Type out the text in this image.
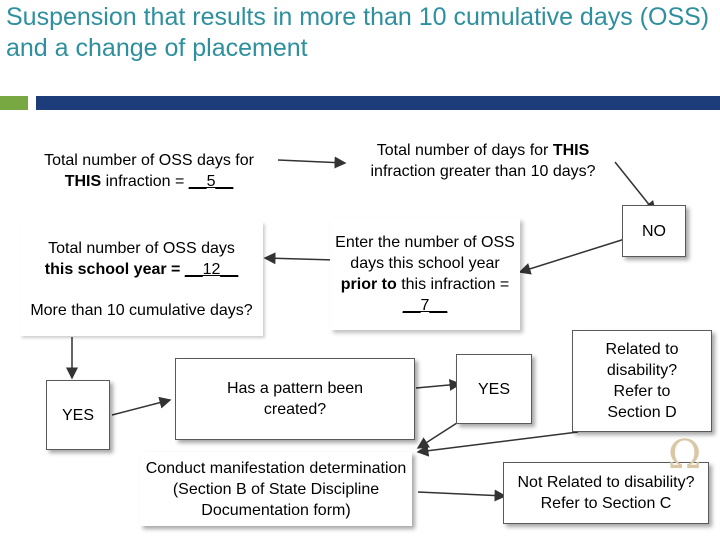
Suspension that results in more than 10 cumulative days (OSS) and a change of placement
Total number of OSS days for
THIS infraction = __5__
Total number of days for THIS infraction greater than 10 days?
Total number of OSS days
this school year = __12__
More than 10 cumulative days?
Enter the number of OSS days this school year prior to this infraction = __7__
NO
YES
Has a pattern been created?
YES
Related to disability? Refer to Section D
Conduct manifestation determination (Section B of State Discipline Documentation form)
Not Related to disability? Refer to Section C
Ω
